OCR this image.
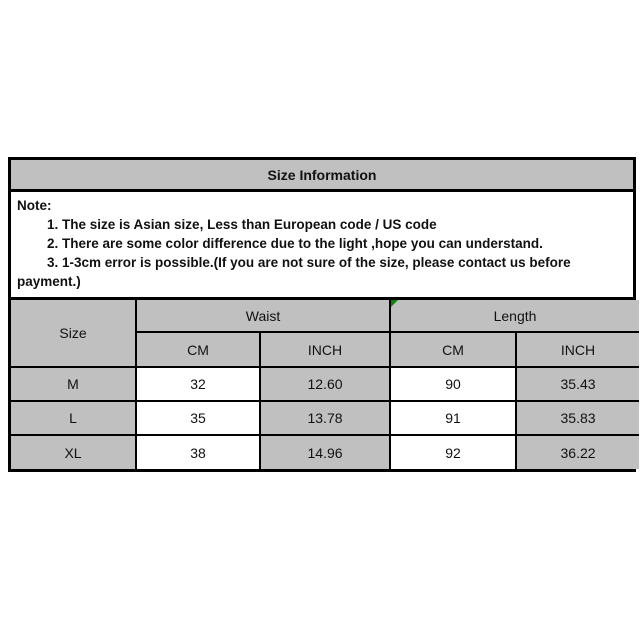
Size Information
Note:
1. The size is Asian size, Less than European code / US code
2. There are some color difference due to the light ,hope you can understand.
3. 1-3cm error is possible.(If you are not sure of the size, please contact us before payment.)
Size	Waist		Length	
	CM	INCH	CM	INCH
M	32	12.60	90	35.43
L	35	13.78	91	35.83
XL	38	14.96	92	36.22
